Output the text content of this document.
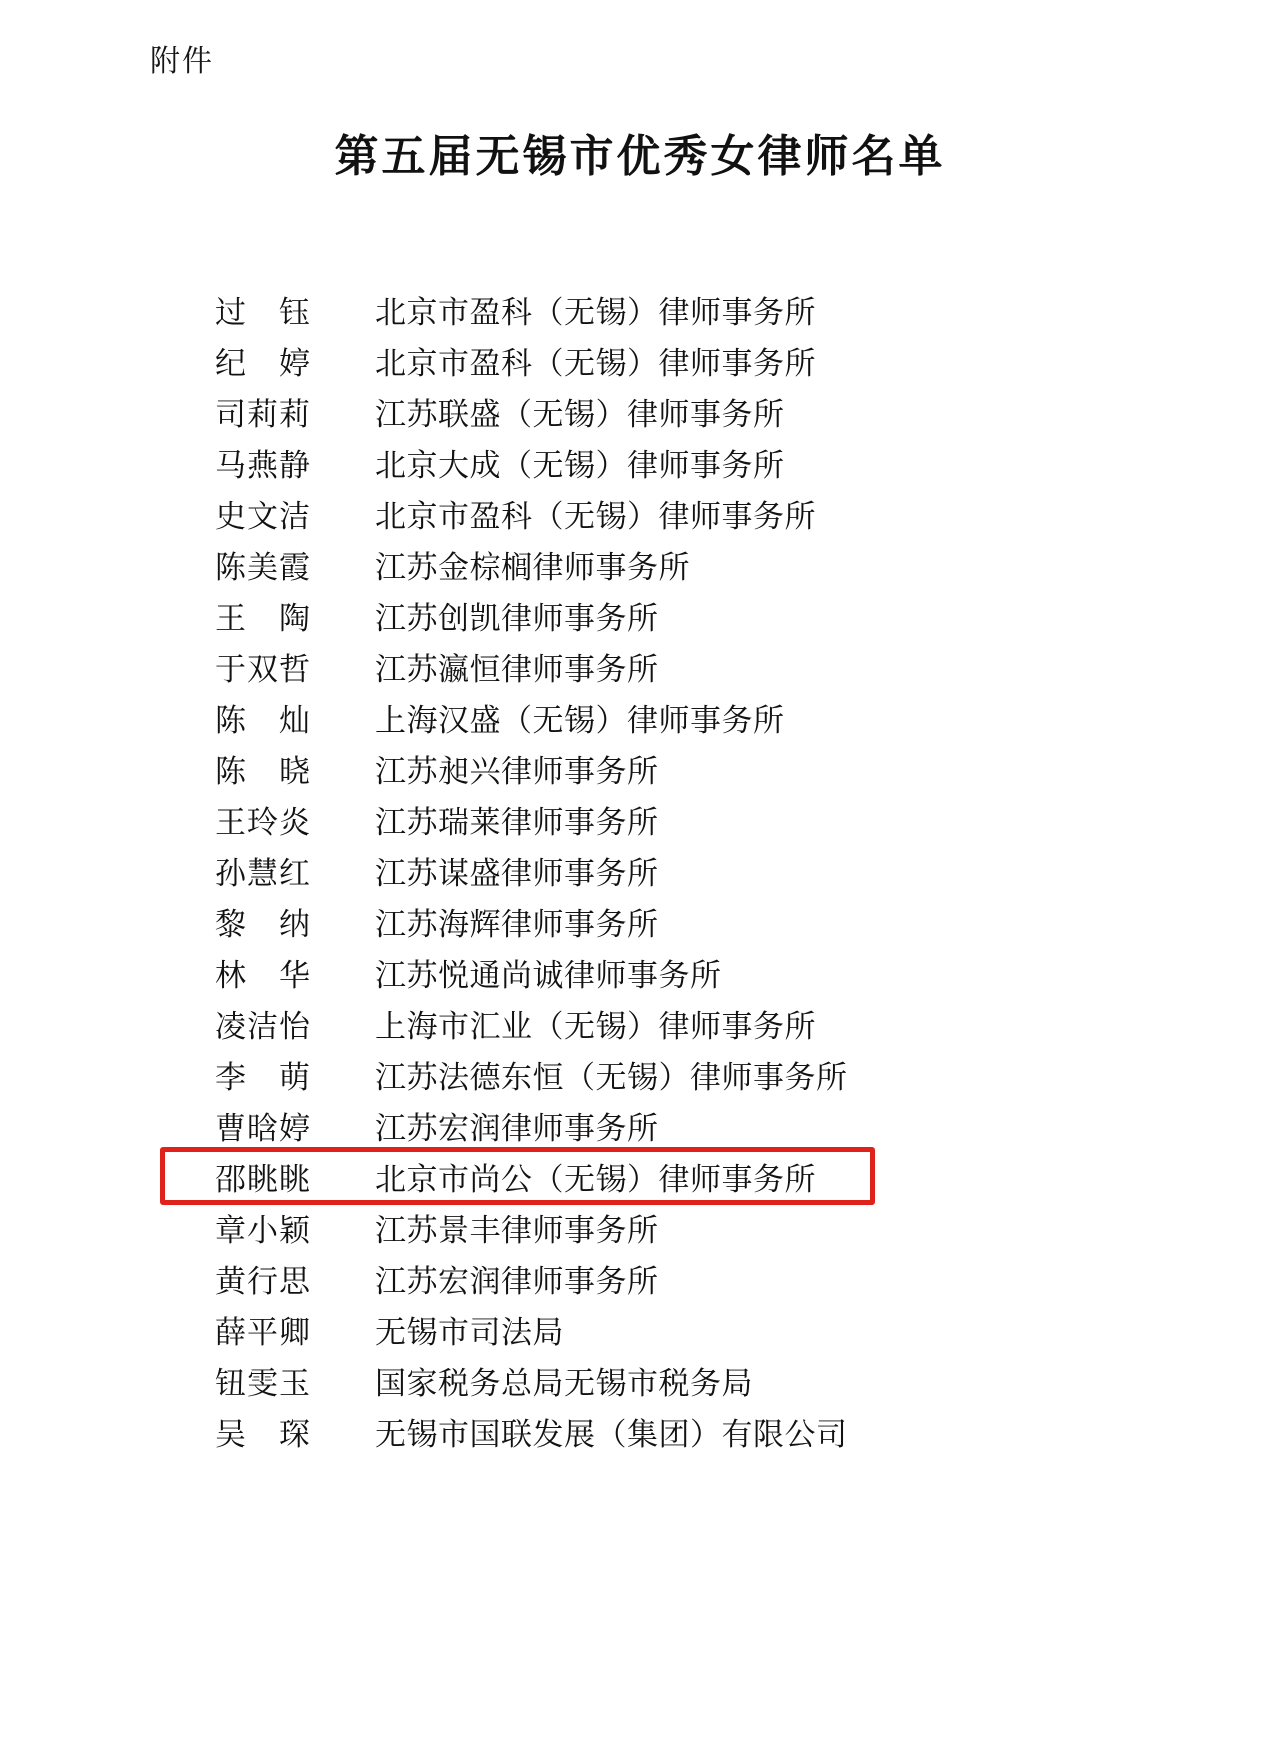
附件
第五届无锡市优秀女律师名单
过　钰	北京市盈科（无锡）律师事务所
纪　婷	北京市盈科（无锡）律师事务所
司莉莉	江苏联盛（无锡）律师事务所
马燕静	北京大成（无锡）律师事务所
史文洁	北京市盈科（无锡）律师事务所
陈美霞	江苏金棕榈律师事务所
王　陶	江苏创凯律师事务所
于双哲	江苏瀛恒律师事务所
陈　灿	上海汉盛（无锡）律师事务所
陈　晓	江苏昶兴律师事务所
王玲炎	江苏瑞莱律师事务所
孙慧红	江苏谋盛律师事务所
黎　纳	江苏海辉律师事务所
林　华	江苏悦通尚诚律师事务所
凌洁怡	上海市汇业（无锡）律师事务所
李　萌	江苏法德东恒（无锡）律师事务所
曹晗婷	江苏宏润律师事务所
邵眺眺	北京市尚公（无锡）律师事务所
章小颖	江苏景丰律师事务所
黄行思	江苏宏润律师事务所
薛平卿	无锡市司法局
钮雯玉	国家税务总局无锡市税务局
吴　琛	无锡市国联发展（集团）有限公司
